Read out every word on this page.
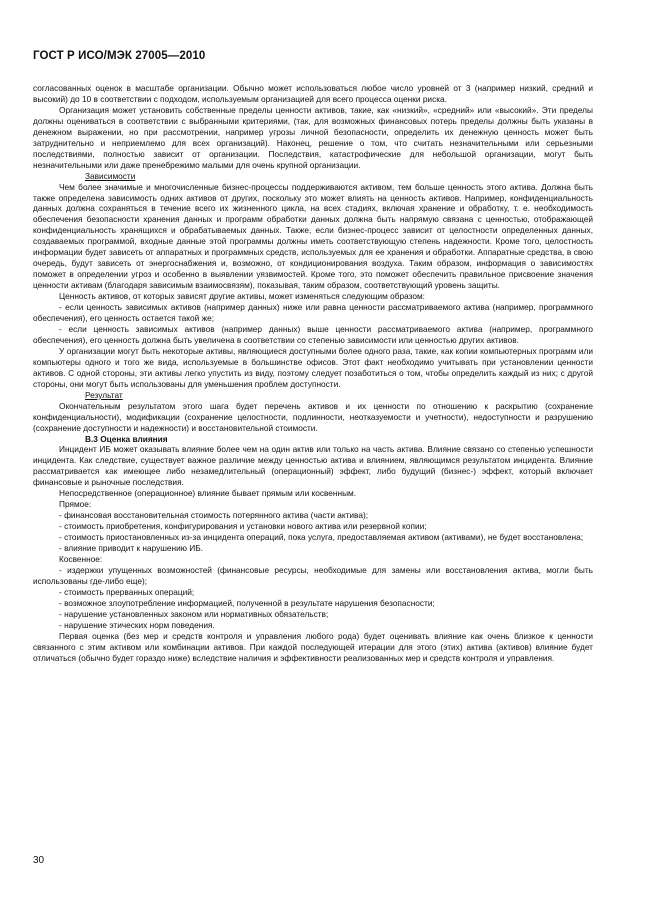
ГОСТ Р ИСО/МЭК 27005—2010

согласованных оценок в масштабе организации. Обычно может использоваться любое число уровней от 3 (например низкий, средний и высокий) до 10 в соответствии с подходом, используемым организацией для всего процесса оценки риска.

Организация может установить собственные пределы ценности активов, такие, как «низкий», «средний» или «высокий». Эти пределы должны оцениваться в соответствии с выбранными критериями, (так, для возможных финансовых потерь пределы должны быть указаны в денежном выражении, но при рассмотрении, например угрозы личной безопасности, определить их денежную ценность может быть затруднительно и неприемлемо для всех организаций). Наконец, решение о том, что считать незначительными или серьезными последствиями, полностью зависит от организации. Последствия, катастрофические для небольшой организации, могут быть незначительными или даже пренебрежимо малыми для очень крупной организации.

Зависимости

Чем более значимые и многочисленные бизнес-процессы поддерживаются активом, тем больше ценность этого актива. Должна быть также определена зависимость одних активов от других, поскольку это может влиять на ценность активов. Например, конфиденциальность данных должна сохраняться в течение всего их жизненного цикла, на всех стадиях, включая хранение и обработку, т. е. необходимость обеспечения безопасности хранения данных и программ обработки данных должна быть напрямую связана с ценностью, отображающей конфиденциальность хранящихся и обрабатываемых данных. Также, если бизнес-процесс зависит от целостности определенных данных, создаваемых программой, входные данные этой программы должны иметь соответствующую степень надежности. Кроме того, целостность информации будет зависеть от аппаратных и программных средств, используемых для ее хранения и обработки. Аппаратные средства, в свою очередь, будут зависеть от энергоснабжения и, возможно, от кондиционирования воздуха. Таким образом, информация о зависимостях поможет в определении угроз и особенно в выявлении уязвимостей. Кроме того, это поможет обеспечить правильное присвоение значения ценности активам (благодаря зависимым взаимосвязям), показывая, таким образом, соответствующий уровень защиты.

Ценность активов, от которых зависят другие активы, может изменяться следующим образом:

- если ценность зависимых активов (например данных) ниже или равна ценности рассматриваемого актива (например, программного обеспечения), его ценность остается такой же;

- если ценность зависимых активов (например данных) выше ценности рассматриваемого актива (например, программного обеспечения), его ценность должна быть увеличена в соответствии со степенью зависимости или ценностью других активов.

У организации могут быть некоторые активы, являющиеся доступными более одного раза, такие, как копии компьютерных программ или компьютеры одного и того же вида, используемые в большинстве офисов. Этот факт необходимо учитывать при установлении ценности активов. С одной стороны, эти активы легко упустить из виду, поэтому следует позаботиться о том, чтобы определить каждый из них; с другой стороны, они могут быть использованы для уменьшения проблем доступности.

Результат

Окончательным результатом этого шага будет перечень активов и их ценности по отношению к раскрытию (сохранение конфиденциальности), модификации (сохранение целостности, подлинности, неотказуемости и учетности), недоступности и разрушению (сохранение доступности и надежности) и восстановительной стоимости.

В.3 Оценка влияния

Инцидент ИБ может оказывать влияние более чем на один актив или только на часть актива. Влияние связано со степенью успешности инцидента. Как следствие, существует важное различие между ценностью актива и влиянием, являющимся результатом инцидента. Влияние рассматривается как имеющее либо незамедлительный (операционный) эффект, либо будущий (бизнес-) эффект, который включает финансовые и рыночные последствия.

Непосредственное (операционное) влияние бывает прямым или косвенным.

Прямое:

- финансовая восстановительная стоимость потерянного актива (части актива);

- стоимость приобретения, конфигурирования и установки нового актива или резервной копии;

- стоимость приостановленных из-за инцидента операций, пока услуга, предоставляемая активом (активами), не будет восстановлена;

- влияние приводит к нарушению ИБ.

Косвенное:

- издержки упущенных возможностей (финансовые ресурсы, необходимые для замены или восстановления актива, могли быть использованы где-либо еще);

- стоимость прерванных операций;

- возможное злоупотребление информацией, полученной в результате нарушения безопасности;

- нарушение установленных законом или нормативных обязательств;

- нарушение этических норм поведения.

Первая оценка (без мер и средств контроля и управления любого рода) будет оценивать влияние как очень близкое к ценности связанного с этим активом или комбинации активов. При каждой последующей итерации для этого (этих) актива (активов) влияние будет отличаться (обычно будет гораздо ниже) вследствие наличия и эффективности реализованных мер и средств контроля и управления.

30
